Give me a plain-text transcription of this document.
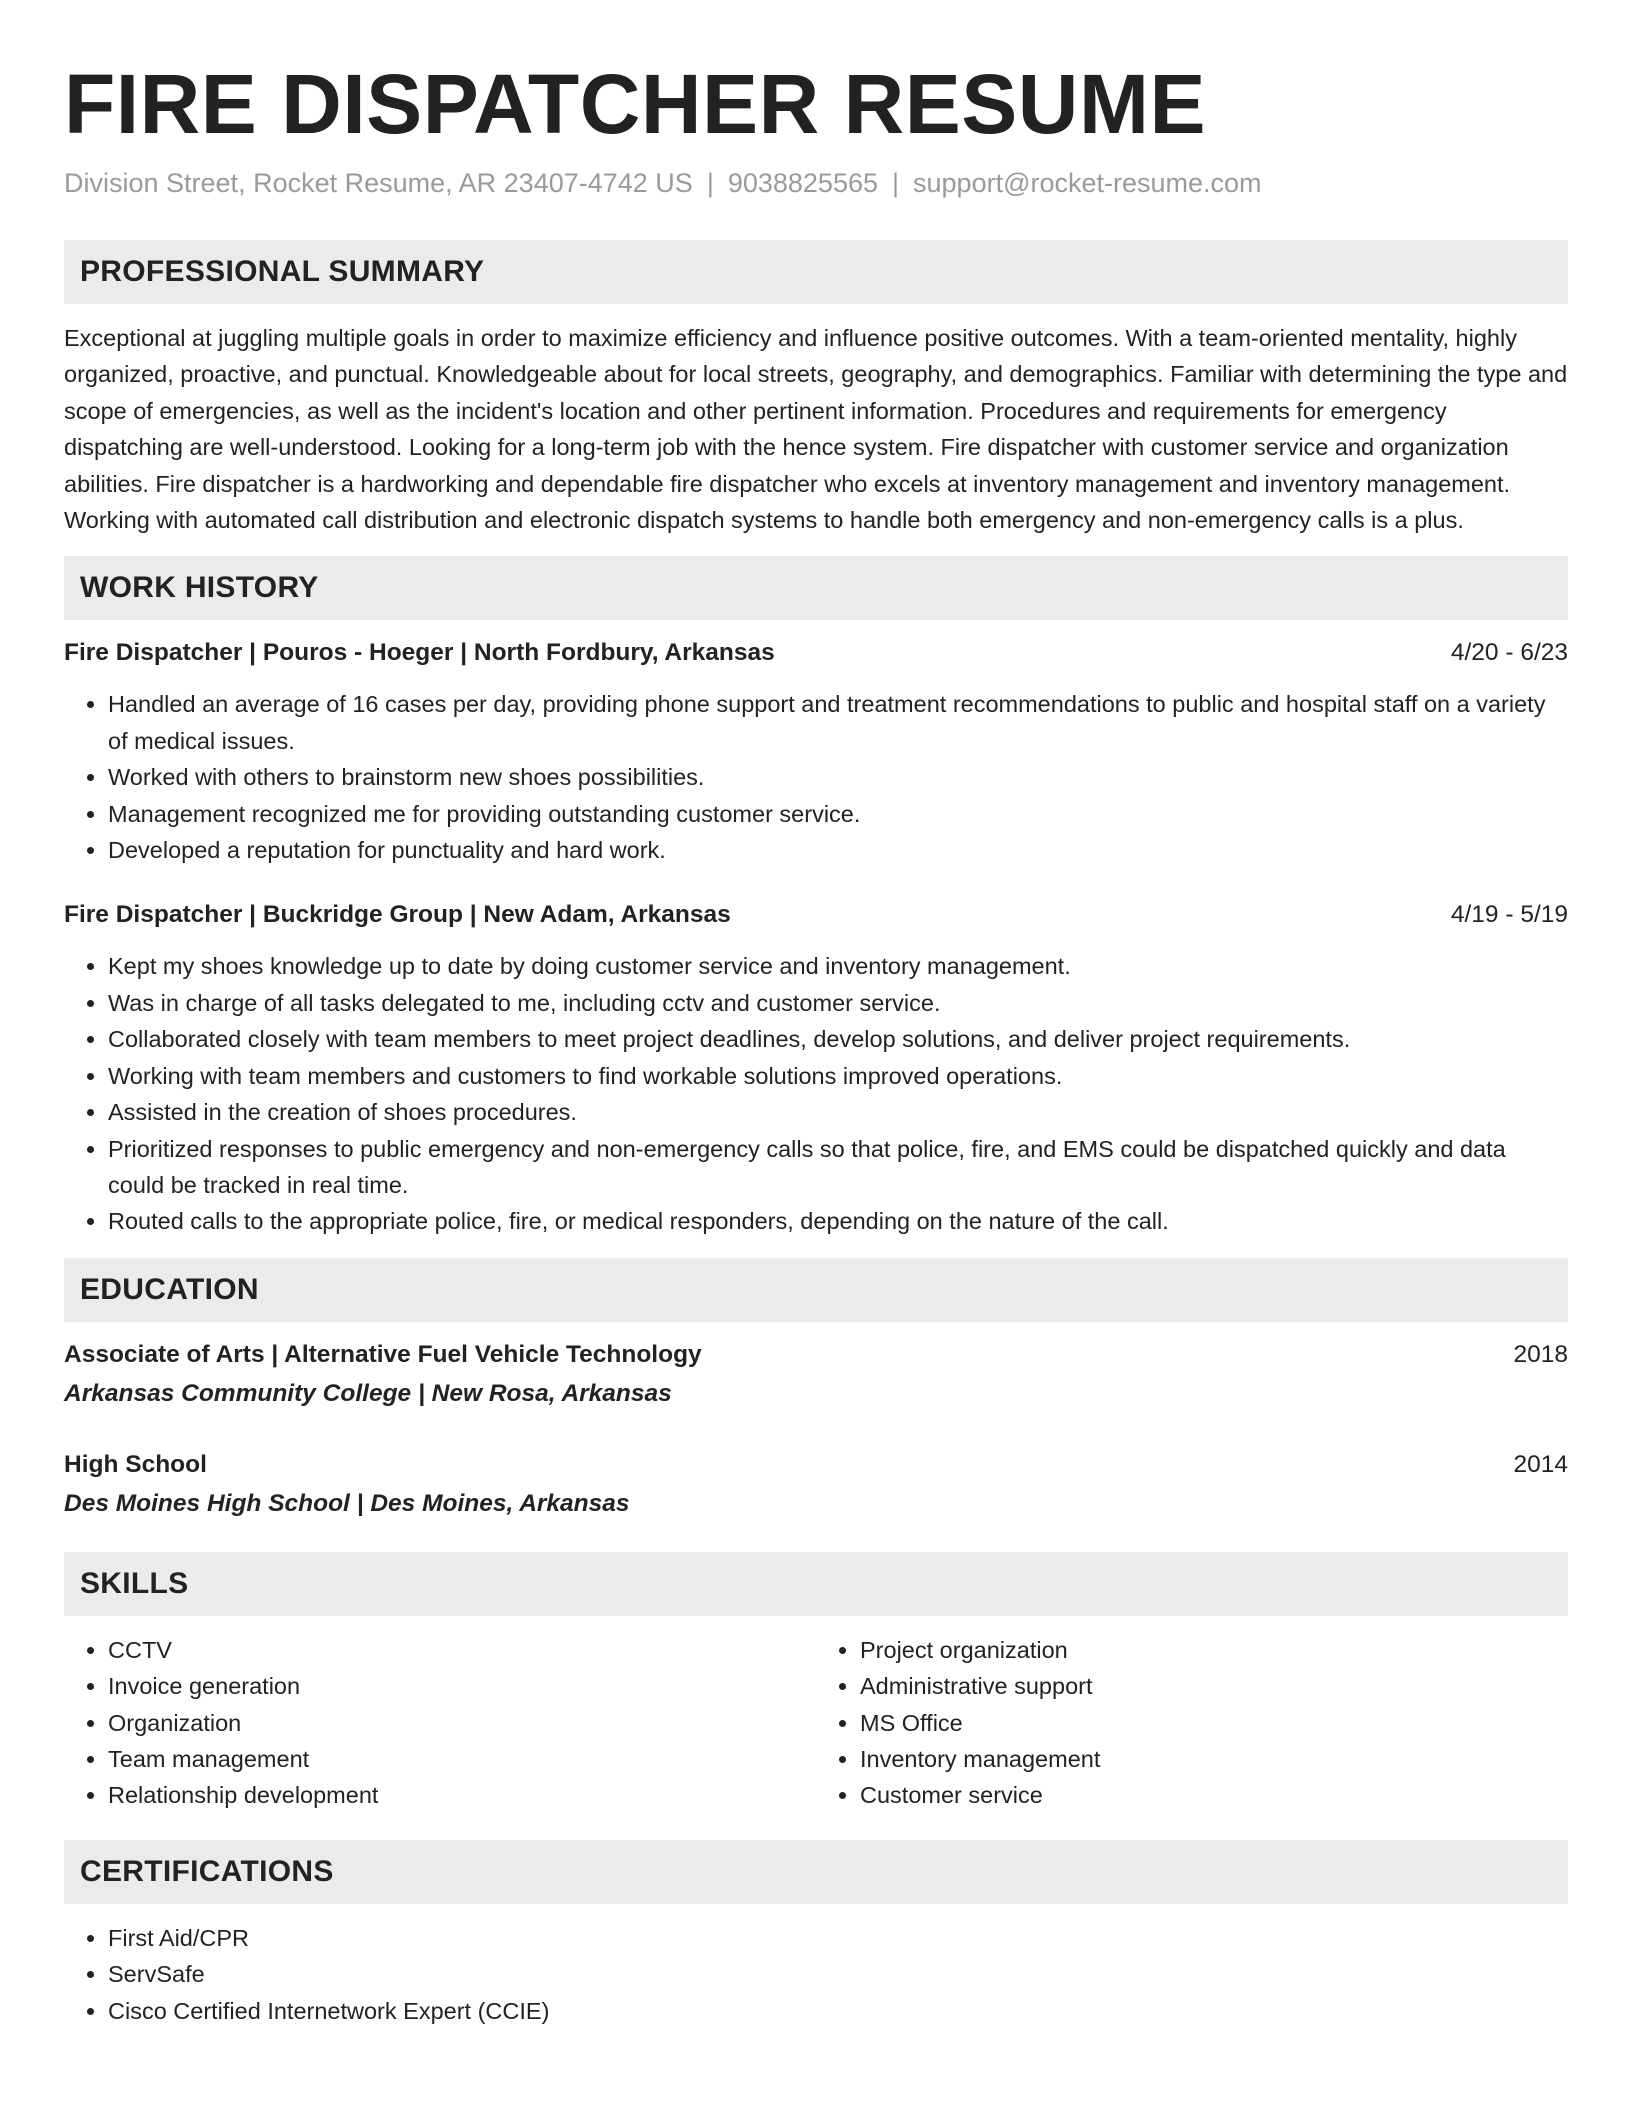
FIRE DISPATCHER RESUME
Division Street, Rocket Resume, AR 23407-4742 US | 9038825565 | support@rocket-resume.com
PROFESSIONAL SUMMARY

Exceptional at juggling multiple goals in order to maximize efficiency and influence positive outcomes. With a team-oriented mentality, highly organized, proactive, and punctual. Knowledgeable about for local streets, geography, and demographics. Familiar with determining the type and scope of emergencies, as well as the incident's location and other pertinent information. Procedures and requirements for emergency dispatching are well-understood. Looking for a long-term job with the hence system. Fire dispatcher with customer service and organization abilities. Fire dispatcher is a hardworking and dependable fire dispatcher who excels at inventory management and inventory management. Working with automated call distribution and electronic dispatch systems to handle both emergency and non-emergency calls is a plus.

WORK HISTORY
Fire Dispatcher | Pouros - Hoeger | North Fordbury, Arkansas	4/20 - 6/23
• Handled an average of 16 cases per day, providing phone support and treatment recommendations to public and hospital staff on a variety of medical issues.
• Worked with others to brainstorm new shoes possibilities.
• Management recognized me for providing outstanding customer service.
• Developed a reputation for punctuality and hard work.
Fire Dispatcher | Buckridge Group | New Adam, Arkansas	4/19 - 5/19
• Kept my shoes knowledge up to date by doing customer service and inventory management.
• Was in charge of all tasks delegated to me, including cctv and customer service.
• Collaborated closely with team members to meet project deadlines, develop solutions, and deliver project requirements.
• Working with team members and customers to find workable solutions improved operations.
• Assisted in the creation of shoes procedures.
• Prioritized responses to public emergency and non-emergency calls so that police, fire, and EMS could be dispatched quickly and data could be tracked in real time.
• Routed calls to the appropriate police, fire, or medical responders, depending on the nature of the call.
EDUCATION
Associate of Arts | Alternative Fuel Vehicle Technology	2018
Arkansas Community College | New Rosa, Arkansas
High School	2014
Des Moines High School | Des Moines, Arkansas
SKILLS
• CCTV
• Invoice generation
• Organization
• Team management
• Relationship development
• Project organization
• Administrative support
• MS Office
• Inventory management
• Customer service
CERTIFICATIONS
• First Aid/CPR
• ServSafe
• Cisco Certified Internetwork Expert (CCIE)
